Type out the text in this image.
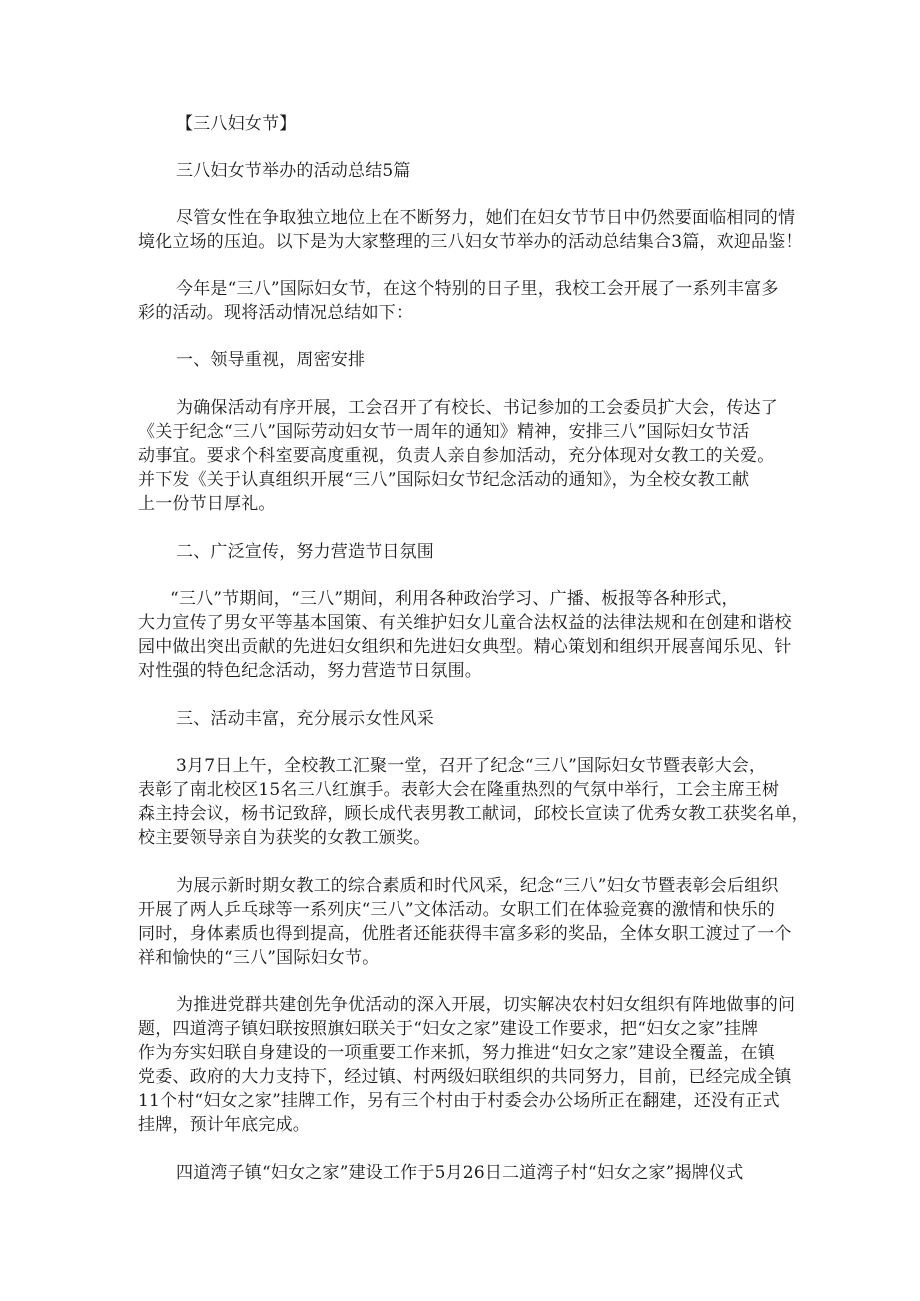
【三八妇女节】
三八妇女节举办的活动总结5篇
尽管女性在争取独立地位上在不断努力，她们在妇女节节日中仍然要面临相同的情
境化立场的压迫。以下是为大家整理的三八妇女节举办的活动总结集合3篇，欢迎品鉴！
今年是“三八”国际妇女节，在这个特别的日子里，我校工会开展了一系列丰富多
彩的活动。现将活动情况总结如下：
一、领导重视，周密安排
为确保活动有序开展，工会召开了有校长、书记参加的工会委员扩大会，传达了
《关于纪念“三八”国际劳动妇女节一周年的通知》精神，安排三八”国际妇女节活
动事宜。要求个科室要高度重视，负责人亲自参加活动，充分体现对女教工的关爱。
并下发《关于认真组织开展“三八”国际妇女节纪念活动的通知》，为全校女教工献
上一份节日厚礼。
二、广泛宣传，努力营造节日氛围
“三八”节期间，“三八”期间，利用各种政治学习、广播、板报等各种形式，
大力宣传了男女平等基本国策、有关维护妇女儿童合法权益的法律法规和在创建和谐校
园中做出突出贡献的先进妇女组织和先进妇女典型。精心策划和组织开展喜闻乐见、针
对性强的特色纪念活动，努力营造节日氛围。
三、活动丰富，充分展示女性风采
3月7日上午，全校教工汇聚一堂，召开了纪念“三八”国际妇女节暨表彰大会，
表彰了南北校区15名三八红旗手。表彰大会在隆重热烈的气氛中举行，工会主席王树
森主持会议，杨书记致辞，顾长成代表男教工献词，邱校长宣读了优秀女教工获奖名单，
校主要领导亲自为获奖的女教工颁奖。
为展示新时期女教工的综合素质和时代风采，纪念“三八”妇女节暨表彰会后组织
开展了两人乒乓球等一系列庆“三八”文体活动。女职工们在体验竞赛的激情和快乐的
同时，身体素质也得到提高，优胜者还能获得丰富多彩的奖品，全体女职工渡过了一个
祥和愉快的“三八”国际妇女节。
为推进党群共建创先争优活动的深入开展，切实解决农村妇女组织有阵地做事的问
题，四道湾子镇妇联按照旗妇联关于“妇女之家”建设工作要求，把“妇女之家”挂牌
作为夯实妇联自身建设的一项重要工作来抓，努力推进“妇女之家”建设全覆盖，在镇
党委、政府的大力支持下，经过镇、村两级妇联组织的共同努力，目前，已经完成全镇
11个村“妇女之家”挂牌工作，另有三个村由于村委会办公场所正在翻建，还没有正式
挂牌，预计年底完成。
四道湾子镇“妇女之家”建设工作于5月26日二道湾子村“妇女之家”揭牌仪式
